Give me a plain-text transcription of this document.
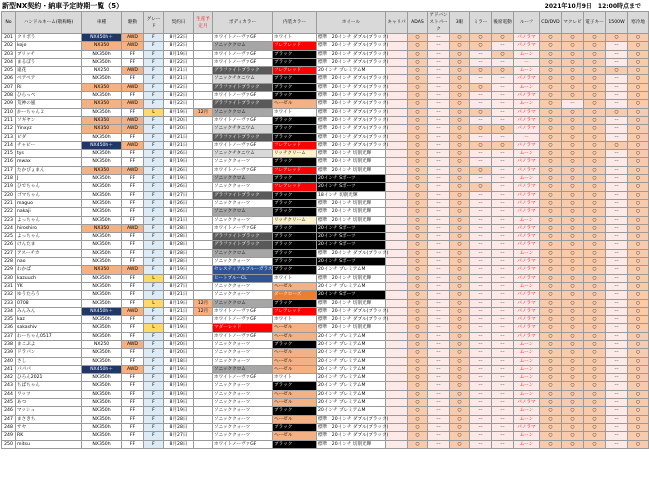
新型NX契約・納車予定時期一覧（5）	2021年10月9日　12:00時点まで
No	ハンドルネーム(敬称略)	車種	駆動	グレード	契約日	生産予定月	ボディカラー	内装カラー	ホイール	キャリパ	ADAS	アドバンストパーク	3眼	ミラー	後席電動	ルーフ	CD/DVD	マクレビ	電子キー	1500W	寒冷地
201	クリボう	NX450h＋	AWD	F	8月22日		ホワイトノーヴァGF	ホワイト	標準　20インチ ダブル(ブラック)		○	ー	○	○	○	パノラマ	○	○	○	○	○
202	kojo	NX350	AWD	F	8月22日		ソニッククロム	フレアレッド	標準　20インチ ダブル(ブラック)		○	ー	○	○	ー	パノラマ	○	○	○	ー	○
203	ブリッチ	NX350h	FF	F	8月19日		ホワイトノーヴァGF	ブラック	標準　20インチ ダブル(ブラック)		○	ー	○	ー	○	ムーン	○	○	○	ー	○
204	まるぼう	NX350h	FF	F	8月22日		ホワイトノーヴァGF	ブラック	標準　20インチ ダブル(ブラック)		○	ー	○	ー	ー	ー	○	○	○	ー	○
205	遠花	NX250	AWD	F	8月21日		グラファイトブラック	フレアレッド	20インチ プレミアムM		○	ー	○	○	○	ムーン	○	○	○	○	○
206	ベアベア	NX350h	FF	F	8月21日		ソニックチタニウム	ブラック	標準　20インチ ダブル(ブラック)		○	ー	○	ー	ー	パノラマ	○	○	○	ー	○
207	Ri	NX350	AWD	F	8月22日		グラファイトブラック	ブラック	標準　20インチ ダブル(ブラック)		○	ー	○	○	ー	ムーン	○	○	○	ー	○
208	ひらっぺ	NX350h	FF	F	8月22日		ホワイトノーヴァGF	ブラック	標準　20インチ ダブル(ブラック)		○	ー	○	ー	ー	パノラマ	○	○	○	ー	○
209	荒神の風	NX350	AWD	F	8月22日		グラファイトブラック	ヘーゼル	標準　20インチ ダブル(ブラック)		○	ー	○	ー	ー	ムーン	○	ー	○	ー	○
210	かーちゃん２	NX350h	FF	L	8月19日	12月	ソニッククロム	ホワイト	標準　20インチ ダブル(ブラック)		○	ー	○	○	ー	パノラマ	○	○	○	○	○
211	ソギヤン	NX350	AWD	F	8月20日		ホワイトノーヴァGF	ブラック	標準　20インチ ダブル(ブラック)		○	ー	○	ー	ー	パノラマ	○	○	○	ー	○
212	Yinxyz	NX350	AWD	F	8月20日		ソニックチタニウム	ブラック	標準　20インチ ダブル(ブラック)		○	ー	○	○	○	パノラマ	○	○	○	ー	○
213	ピダ	NX350h	FF	F	8月21日		グラファイトブラック	ブラック	標準　20インチ ダブル(ブラック)		○	ー	○	ー	ー	ー	○	○	○	ー	○
214	チャピー	NX450h＋	AWD	F	8月21日		ホワイトノーヴァGF	フレアレッド	標準　20インチ ダブル(ブラック)		○	ー	○	○	○	パノラマ	○	○	○	○	○
215	tys	NX350h	FF	F	8月26日		ソニックチタニウム	リッチクリーム	標準　20インチ 切削光輝		○	ー	○	ー	ー	ムーン	○	○	○	ー	○
216	mwax	NX350h	FF	F	8月19日		ソニッククォーツ	ブラック	標準　20インチ 切削光輝		○	ー	○	ー	ー	パノラマ	○	○	○	ー	○
217	たかびょまん	NX350	AWD	F	8月26日		ホワイトノーヴァGF	フレアレッド	標準　20インチ 切削光輝		○	ー	○	○	ー	パノラマ	○	○	○	ー	○
218	J	NX350h	FF	F	8月19日		ソニッククロム	ブラック	20インチ Sポーツ		○	ー	○	ー	ー	ムーン	○	○	○	ー	○
219	ひでちゃん	NX350h	FF	F	8月26日		ソニッククォーツ	フレアレッド	20インチ Sポーツ		○	ー	○	○	ー	パノラマ	○	○	○	ー	○
220	ゴマちゃん	NX350h	FF	F	8月27日		グラファイトブラック	ブラック	18インチ 切削光輝		○	ー	○	ー	ー	パノラマ	○	○	○	ー	○
221	maguo	NX350h	FF	F	8月26日		ソニッククォーツ	ブラック	標準　20インチ 切削光輝		○	ー	○	ー	ー	パノラマ	○	○	○	ー	○
222	nakaji	NX350h	FF	F	8月26日		ソニッククロム	ブラック	標準　20インチ 切削光輝		○	ー	○	ー	ー	パノラマ	○	○	○	ー	○
223	よっちゃん	NX350h	FF	F	8月21日		ソニッククォーツ	リッチクリーム	標準　20インチ 切削光輝		○	ー	○	ー	ー	ムーン	○	○	○	ー	○
224	hiroshiro	NX350	AWD	F	8月28日		ホワイトノーヴァGF	ブラック	20インチ Sポーツ		○	ー	○	ー	ー	パノラマ	○	○	○	ー	○
225	よっちゃん	NX350h	FF	F	8月28日		グラファイトブラック	ブラック	20インチ Sポーツ		○	ー	○	ー	ー	パノラマ	○	○	○	ー	○
226	けんたま	NX350h	FF	F	8月28日		グラファイトブラック	ブラック	20インチ Sポーツ		○	ー	○	ー	ー	パノラマ	○	○	○	ー	○
227	アスーチカ	NX350h	FF	F	8月28日		ソニッククロム	ブラック	標準　20インチ ダブル(ブラック)		○	ー	○	ー	ー	ムーン	○	○	○	ー	○
228	nao	NX350h	FF	F	8月28日		ソニッククォーツ	ブラック	20インチ Sポーツ		○	ー	○	ー	ー	パノラマ	○	○	○	ー	○
229	わかば	NX350	AWD	F	8月19日		セレスティアルブルーガラス	ブラック	20インチ プレミアムM		○	ー	○	ー	ー	パノラマ	○	○	○	ー	○
230	kazuuch	NX350h	FF	L	8月20日		ヒートブルーCL	ホワイト	標準　20インチ 切削光輝		○	ー	○	ー	ー	パノラマ	○	○	○	ー	○
231	YK	NX350h	FF	F	8月27日		ソニッククォーツ	ヘーゼル	20インチ プレミアムM		○	ー	○	ー	ー	ムーン	○	○	○	ー	○
232	ゆうたろう	NX350h	FF	F	8月21日		ソニッククォーツ	ダークローズ	20インチ Sポーツ		○	ー	○	ー	ー	パノラマ	○	○	○	ー	○
233	0708	NX350h	FF	L	8月19日	12月	ソニッククロム	ブラック	標準　20インチ 切削光輝		○	ー	○	ー	ー	パノラマ	○	○	○	ー	○
234	みんみん	NX450h＋	AWD	F	8月21日	12月	ホワイトノーヴァGF	フレアレッド	標準　20インチ ダブル(ブラック)		○	ー	○	ー	ー	パノラマ	○	○	○	ー	○
235	kaz	NX350h	FF	F	8月22日		ホワイトノーヴァGF	ホワイト	標準　20インチ ダブル(ブラック)		○	ー	○	ー	ー	パノラマ	○	○	○	ー	○
236	sakashiv	NX350h	FF	L	8月19日		マダーレッド	ヘーゼル	標準　20インチ 切削光輝		○	ー	○	ー	ー	パノラマ	○	○	○	ー	○
237	わーちゃん0517	NX350h	FF	F	8月20日		ホワイトノーヴァGF	ヘーゼル	20インチ プレミアムM		○	ー	○	ー	ー	パノラマ	○	○	○	ー	○
238	まこぷよ	NX250	AWD	F	8月20日		ソニッククォーツ	ブラック	20インチ プレミアムM		○	ー	○	ー	ー	ムーン	○	○	○	ー	○
239	ドラパン	NX350h	FF	F	8月20日		ソニッククォーツ	ヘーゼル	20インチ プレミアムM		○	ー	○	ー	ー	ムーン	○	○	○	ー	○
240	さし	NX350h	FF	F	8月18日		ソニッククォーツ	ヘーゼル	20インチ プレミアムM		○	ー	○	ー	ー	ムーン	○	○	○	ー	○
241	パパパ	NX450h＋	AWD	F	8月19日		ソニッククロム	ヘーゼル	20インチ プレミアムM		○	ー	○	ー	ー	ムーン	○	○	○	ー	○
242	ひろん2021	NX350h	FF	F	8月19日		ホワイトノーヴァGF	ホワイト	20インチ プレミアムM		○	ー	○	ー	ー	ムーン	○	○	○	ー	○
243	ちばちゃん	NX350h	FF	F	8月19日		ソニッククォーツ	ブラック	20インチ プレミアムM		○	ー	○	ー	ー	ムーン	○	○	○	ー	○
244	ワッツ	NX350h	FF	F	8月19日		ソニッククォーツ	ヘーゼル	20インチ プレミアムM		○	ー	○	ー	ー	ムーン	○	○	○	ー	○
245	あつ	NX350h	FF	F	8月19日		ソニッククォーツ	ヘーゼル	20インチ プレミアムM		○	ー	○	ー	ー	パノラマ	○	○	○	ー	○
246	マッシュ	NX350h	FF	F	8月19日		ソニッククォーツ	ブラック	20インチ プレミアムM		○	ー	○	ー	ー	ムーン	○	○	○	ー	○
247	まさきち	NX350h	FF	F	8月28日		ソニッククォーツ	ヘーゼル	標準　20インチ ダブル(ブラック)		○	ー	○	ー	ー	ムーン	○	○	○	ー	○
248	サヤ	NX350h	FF	F	8月28日		ソニッククォーツ	ブラック	標準　20インチ ダブル(ブラック)		○	ー	○	ー	ー	パノラマ	○	○	○	ー	○
249	RK	NX350h	FF	F	8月27日		ソニッククォーツ	ヘーゼル	標準　20インチ ダブル(ブラック)		○	ー	○	ー	ー	ムーン	○	○	○	ー	○
250	mitsu	NX350h	FF	F	8月28日		ホワイトノーヴァGF	ブラック	標準　20インチ 切削光輝		○	ー	○	ー	ー	ムーン	○	○	○	ー	○
